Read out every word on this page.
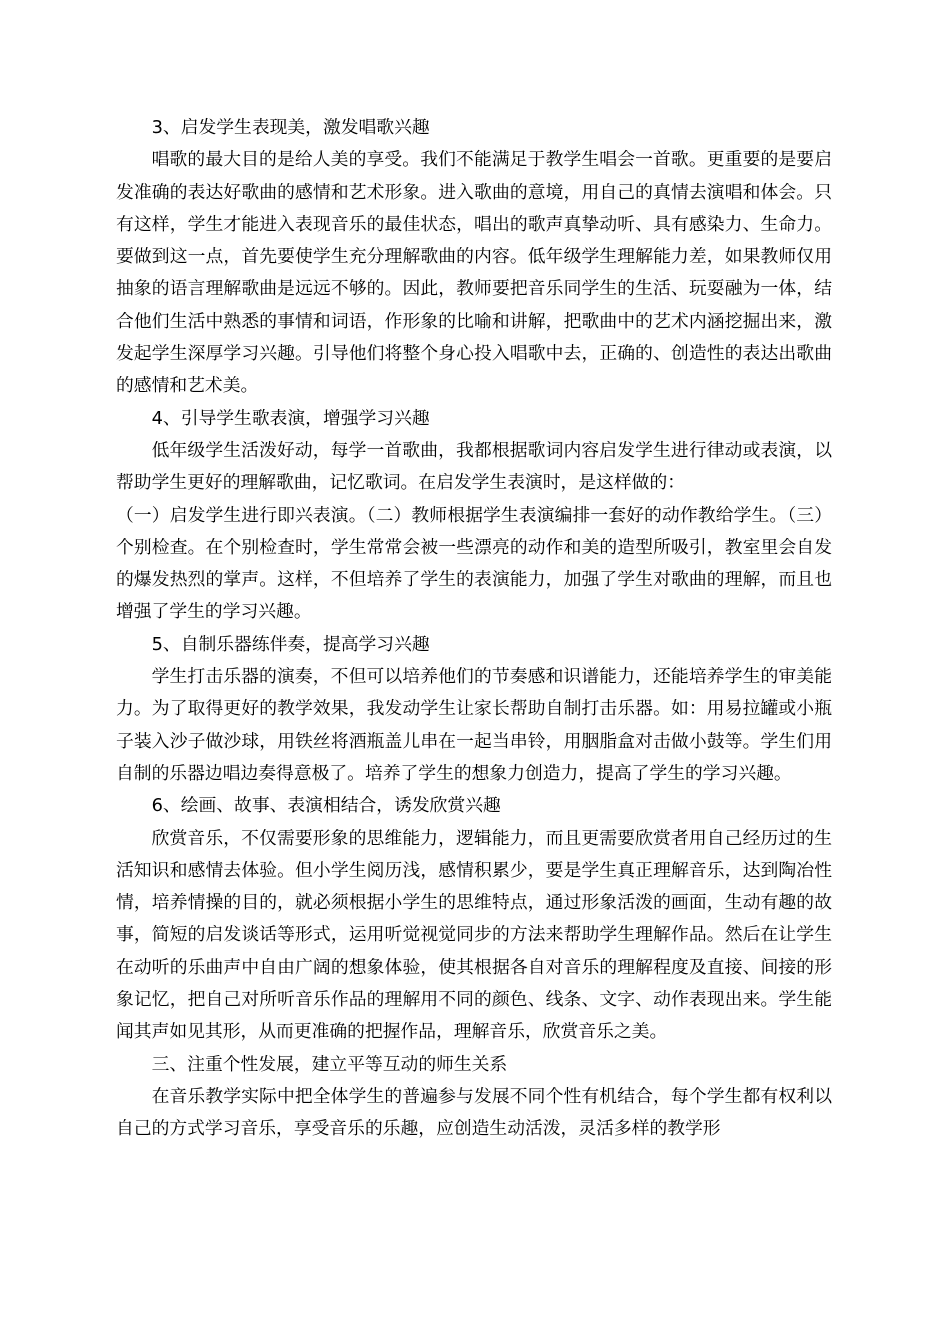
3、启发学生表现美，激发唱歌兴趣

唱歌的最大目的是给人美的享受。我们不能满足于教学生唱会一首歌。更重要的是要启发准确的表达好歌曲的感情和艺术形象。进入歌曲的意境，用自己的真情去演唱和体会。只有这样，学生才能进入表现音乐的最佳状态，唱出的歌声真挚动听、具有感染力、生命力。要做到这一点，首先要使学生充分理解歌曲的内容。低年级学生理解能力差，如果教师仅用抽象的语言理解歌曲是远远不够的。因此，教师要把音乐同学生的生活、玩耍融为一体，结合他们生活中熟悉的事情和词语，作形象的比喻和讲解，把歌曲中的艺术内涵挖掘出来，激发起学生深厚学习兴趣。引导他们将整个身心投入唱歌中去，正确的、创造性的表达出歌曲的感情和艺术美。

4、引导学生歌表演，增强学习兴趣

低年级学生活泼好动，每学一首歌曲，我都根据歌词内容启发学生进行律动或表演，以帮助学生更好的理解歌曲，记忆歌词。在启发学生表演时，是这样做的：

（一）启发学生进行即兴表演。（二）教师根据学生表演编排一套好的动作教给学生。（三）个别检查。在个别检查时，学生常常会被一些漂亮的动作和美的造型所吸引，教室里会自发的爆发热烈的掌声。这样，不但培养了学生的表演能力，加强了学生对歌曲的理解，而且也增强了学生的学习兴趣。

5、自制乐器练伴奏，提高学习兴趣

学生打击乐器的演奏，不但可以培养他们的节奏感和识谱能力，还能培养学生的审美能力。为了取得更好的教学效果，我发动学生让家长帮助自制打击乐器。如：用易拉罐或小瓶子装入沙子做沙球，用铁丝将酒瓶盖儿串在一起当串铃，用胭脂盒对击做小鼓等。学生们用自制的乐器边唱边奏得意极了。培养了学生的想象力创造力，提高了学生的学习兴趣。

6、绘画、故事、表演相结合，诱发欣赏兴趣

欣赏音乐，不仅需要形象的思维能力，逻辑能力，而且更需要欣赏者用自己经历过的生活知识和感情去体验。但小学生阅历浅，感情积累少，要是学生真正理解音乐，达到陶冶性情，培养情操的目的，就必须根据小学生的思维特点，通过形象活泼的画面，生动有趣的故事，简短的启发谈话等形式，运用听觉视觉同步的方法来帮助学生理解作品。然后在让学生在动听的乐曲声中自由广阔的想象体验，使其根据各自对音乐的理解程度及直接、间接的形象记忆，把自己对所听音乐作品的理解用不同的颜色、线条、文字、动作表现出来。学生能闻其声如见其形，从而更准确的把握作品，理解音乐，欣赏音乐之美。

三、注重个性发展，建立平等互动的师生关系

在音乐教学实际中把全体学生的普遍参与发展不同个性有机结合，每个学生都有权利以自己的方式学习音乐，享受音乐的乐趣，应创造生动活泼，灵活多样的教学形
